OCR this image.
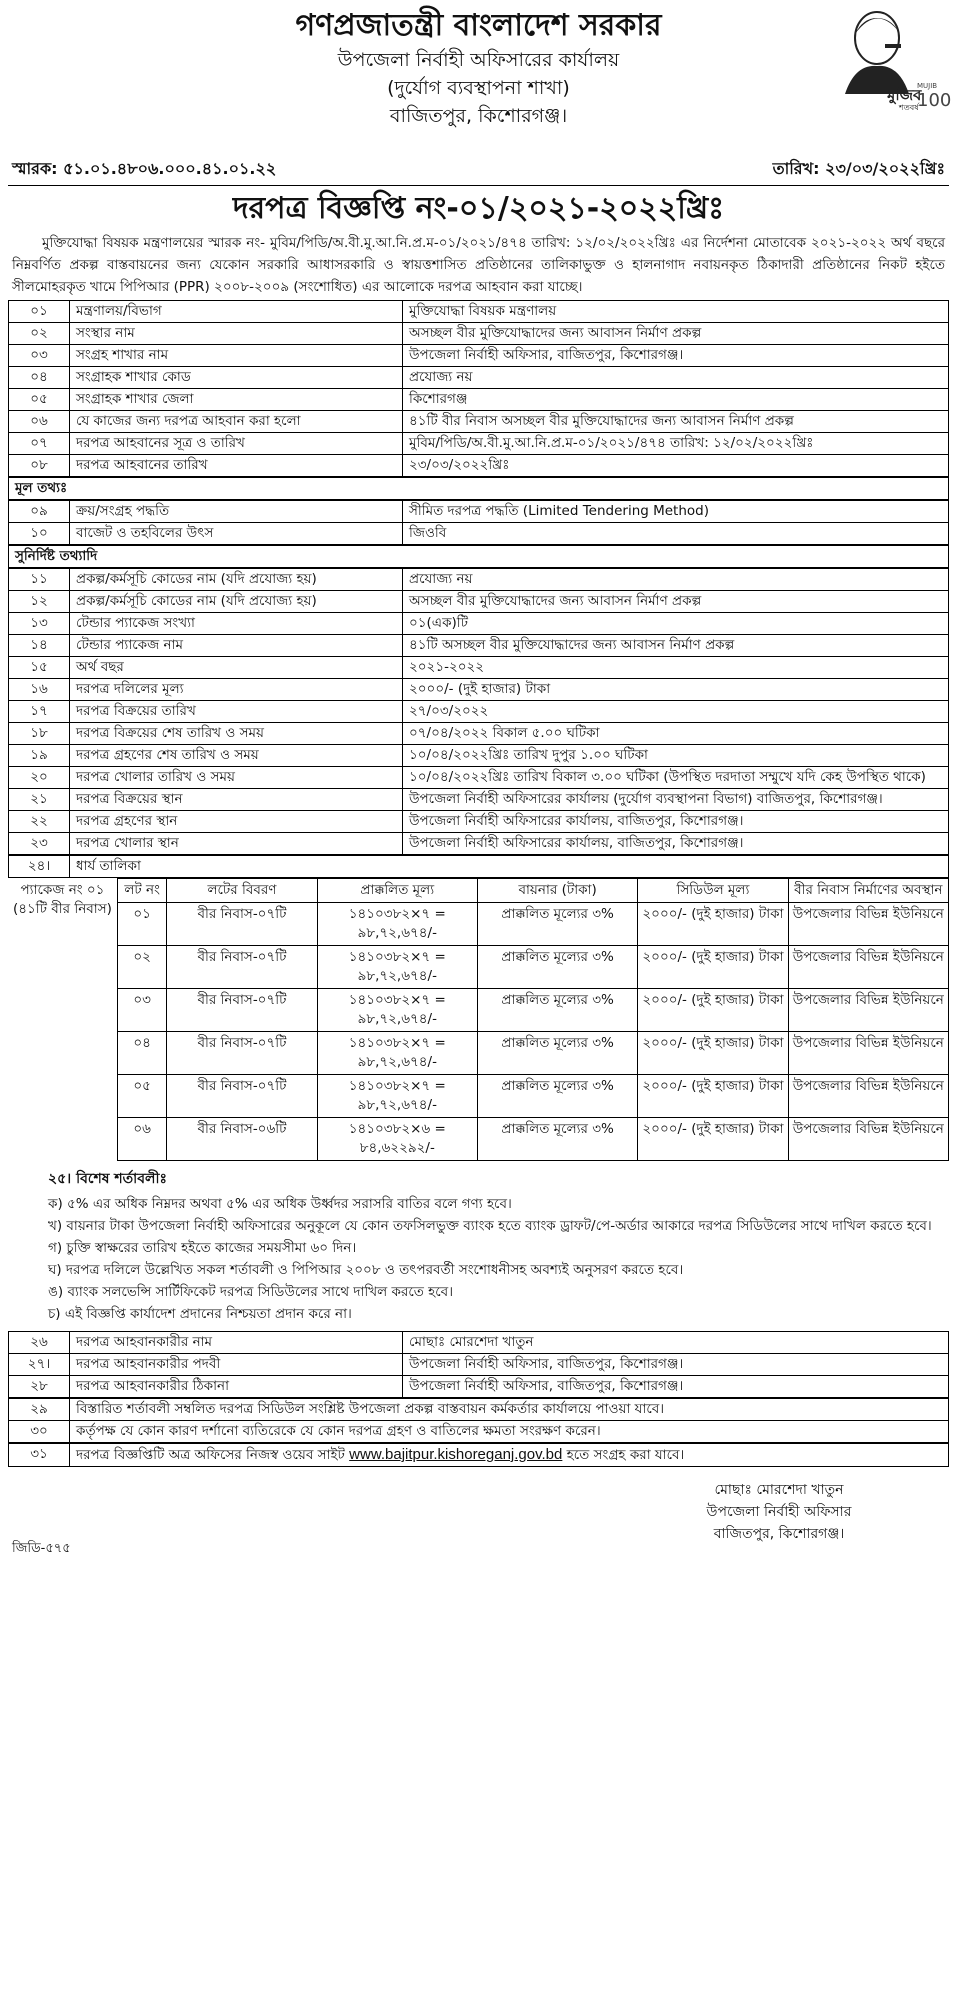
গণপ্রজাতন্ত্রী বাংলাদেশ সরকার
উপজেলা নির্বাহী অফিসারের কার্যালয়
(দুর্যোগ ব্যবস্থাপনা শাখা)
বাজিতপুর, কিশোরগঞ্জ।
মুজিব
শতবর্ষ
MUJIB
100
স্মারক: ৫১.০১.৪৮০৬.০০০.৪১.০১.২২	তারিখ: ২৩/০৩/২০২২খ্রিঃ
দরপত্র বিজ্ঞপ্তি নং-০১/২০২১-২০২২খ্রিঃ
মুক্তিযোদ্ধা বিষয়ক মন্ত্রণালয়ের স্মারক নং- মুবিম/পিডি/অ.বী.মু.আ.নি.প্র.ম-০১/২০২১/৪৭৪ তারিখ: ১২/০২/২০২২খ্রিঃ এর নির্দেশনা মোতাবেক ২০২১-২০২২ অর্থ বছরে নিম্নবর্ণিত প্রকল্প বাস্তবায়নের জন্য যেকোন সরকারি আধাসরকারি ও স্বায়ত্তশাসিত প্রতিষ্ঠানের তালিকাভুক্ত ও হালনাগাদ নবায়নকৃত ঠিকাদারী প্রতিষ্ঠানের নিকট হইতে সীলমোহরকৃত খামে পিপিআর (PPR) ২০০৮-২০০৯ (সংশোধিত) এর আলোকে দরপত্র আহবান করা যাচ্ছে।
০১	মন্ত্রণালয়/বিভাগ	মুক্তিযোদ্ধা বিষয়ক মন্ত্রণালয়
০২	সংস্থার নাম	অসচ্ছল বীর মুক্তিযোদ্ধাদের জন্য আবাসন নির্মাণ প্রকল্প
০৩	সংগ্রহ শাখার নাম	উপজেলা নির্বাহী অফিসার, বাজিতপুর, কিশোরগঞ্জ।
০৪	সংগ্রাহক শাখার কোড	প্রযোজ্য নয়
০৫	সংগ্রাহক শাখার জেলা	কিশোরগঞ্জ
০৬	যে কাজের জন্য দরপত্র আহবান করা হলো	৪১টি বীর নিবাস অসচ্ছল বীর মুক্তিযোদ্ধাদের জন্য আবাসন নির্মাণ প্রকল্প
০৭	দরপত্র আহবানের সূত্র ও তারিখ	মুবিম/পিডি/অ.বী.মু.আ.নি.প্র.ম-০১/২০২১/৪৭৪ তারিখ: ১২/০২/২০২২খ্রিঃ
০৮	দরপত্র আহবানের তারিখ	২৩/০৩/২০২২খ্রিঃ
মূল তথ্যঃ
০৯	ক্রয়/সংগ্রহ পদ্ধতি	সীমিত দরপত্র পদ্ধতি (Limited Tendering Method)
১০	বাজেট ও তহবিলের উৎস	জিওবি
সুনির্দিষ্ট তথ্যাদি
১১	প্রকল্প/কর্মসূচি কোডের নাম (যদি প্রযোজ্য হয়)	প্রযোজ্য নয়
১২	প্রকল্প/কর্মসূচি কোডের নাম (যদি প্রযোজ্য হয়)	অসচ্ছল বীর মুক্তিযোদ্ধাদের জন্য আবাসন নির্মাণ প্রকল্প
১৩	টেন্ডার প্যাকেজ সংখ্যা	০১(এক)টি
১৪	টেন্ডার প্যাকেজ নাম	৪১টি অসচ্ছল বীর মুক্তিযোদ্ধাদের জন্য আবাসন নির্মাণ প্রকল্প
১৫	অর্থ বছর	২০২১-২০২২
১৬	দরপত্র দলিলের মূল্য	২০০০/- (দুই হাজার) টাকা
১৭	দরপত্র বিক্রয়ের তারিখ	২৭/০৩/২০২২
১৮	দরপত্র বিক্রয়ের শেষ তারিখ ও সময়	০৭/০৪/২০২২ বিকাল ৫.০০ ঘটিকা
১৯	দরপত্র গ্রহণের শেষ তারিখ ও সময়	১০/০৪/২০২২খ্রিঃ তারিখ দুপুর ১.০০ ঘটিকা
২০	দরপত্র খোলার তারিখ ও সময়	১০/০৪/২০২২খ্রিঃ তারিখ বিকাল ৩.০০ ঘটিকা (উপস্থিত দরদাতা সম্মুখে যদি কেহ উপস্থিত থাকে)
২১	দরপত্র বিক্রয়ের স্থান	উপজেলা নির্বাহী অফিসারের কার্যালয় (দুর্যোগ ব্যবস্থাপনা বিভাগ) বাজিতপুর, কিশোরগঞ্জ।
২২	দরপত্র গ্রহণের স্থান	উপজেলা নির্বাহী অফিসারের কার্যালয়, বাজিতপুর, কিশোরগঞ্জ।
২৩	দরপত্র খোলার স্থান	উপজেলা নির্বাহী অফিসারের কার্যালয়, বাজিতপুর, কিশোরগঞ্জ।
২৪।	ধার্য তালিকা
প্যাকেজ নং ০১ (৪১টি বীর নিবাস)	লট নং	লটের বিবরণ	প্রাক্কলিত মূল্য	বায়নার (টাকা)	সিডিউল মূল্য	বীর নিবাস নির্মাণের অবস্থান
	০১	বীর নিবাস-০৭টি	১৪১০৩৮২×৭ = ৯৮,৭২,৬৭৪/-	প্রাক্কলিত মূল্যের ৩%	২০০০/- (দুই হাজার) টাকা	উপজেলার বিভিন্ন ইউনিয়নে
	০২	বীর নিবাস-০৭টি	১৪১০৩৮২×৭ = ৯৮,৭২,৬৭৪/-	প্রাক্কলিত মূল্যের ৩%	২০০০/- (দুই হাজার) টাকা	উপজেলার বিভিন্ন ইউনিয়নে
	০৩	বীর নিবাস-০৭টি	১৪১০৩৮২×৭ = ৯৮,৭২,৬৭৪/-	প্রাক্কলিত মূল্যের ৩%	২০০০/- (দুই হাজার) টাকা	উপজেলার বিভিন্ন ইউনিয়নে
	০৪	বীর নিবাস-০৭টি	১৪১০৩৮২×৭ = ৯৮,৭২,৬৭৪/-	প্রাক্কলিত মূল্যের ৩%	২০০০/- (দুই হাজার) টাকা	উপজেলার বিভিন্ন ইউনিয়নে
	০৫	বীর নিবাস-০৭টি	১৪১০৩৮২×৭ = ৯৮,৭২,৬৭৪/-	প্রাক্কলিত মূল্যের ৩%	২০০০/- (দুই হাজার) টাকা	উপজেলার বিভিন্ন ইউনিয়নে
	০৬	বীর নিবাস-০৬টি	১৪১০৩৮২×৬ = ৮৪,৬২২৯২/-	প্রাক্কলিত মূল্যের ৩%	২০০০/- (দুই হাজার) টাকা	উপজেলার বিভিন্ন ইউনিয়নে
২৫। বিশেষ শর্তাবলীঃ
ক) ৫% এর অধিক নিম্নদর অথবা ৫% এর অধিক উর্ধ্বদর সরাসরি বাতির বলে গণ্য হবে।
খ) বায়নার টাকা উপজেলা নির্বাহী অফিসারের অনুকূলে যে কোন তফসিলভুক্ত ব্যাংক হতে ব্যাংক ড্রাফট/পে-অর্ডার আকারে দরপত্র সিডিউলের সাথে দাখিল করতে হবে।
গ) চুক্তি স্বাক্ষরের তারিখ হইতে কাজের সময়সীমা ৬০ দিন।
ঘ) দরপত্র দলিলে উল্লেখিত সকল শর্তাবলী ও পিপিআর ২০০৮ ও তৎপরবর্তী সংশোধনীসহ অবশ্যই অনুসরণ করতে হবে।
ঙ) ব্যাংক সলভেন্সি সার্টিফিকেট দরপত্র সিডিউলের সাথে দাখিল করতে হবে।
চ) এই বিজ্ঞপ্তি কার্যাদেশ প্রদানের নিশ্চয়তা প্রদান করে না।
২৬	দরপত্র আহবানকারীর নাম	মোছাঃ মোরশেদা খাতুন
২৭।	দরপত্র আহবানকারীর পদবী	উপজেলা নির্বাহী অফিসার, বাজিতপুর, কিশোরগঞ্জ।
২৮	দরপত্র আহবানকারীর ঠিকানা	উপজেলা নির্বাহী অফিসার, বাজিতপুর, কিশোরগঞ্জ।
২৯	বিস্তারিত শর্তাবলী সম্বলিত দরপত্র সিডিউল সংশ্লিষ্ট উপজেলা প্রকল্প বাস্তবায়ন কর্মকর্তার কার্যালয়ে পাওয়া যাবে।
৩০	কর্তৃপক্ষ যে কোন কারণ দর্শানো ব্যতিরেকে যে কোন দরপত্র গ্রহণ ও বাতিলের ক্ষমতা সংরক্ষণ করেন।
৩১	দরপত্র বিজ্ঞপ্তিটি অত্র অফিসের নিজস্ব ওয়েব সাইট www.bajitpur.kishoreganj.gov.bd হতে সংগ্রহ করা যাবে।
মোছাঃ মোরশেদা খাতুন
উপজেলা নির্বাহী অফিসার
বাজিতপুর, কিশোরগঞ্জ।
জিডি-৫৭৫
